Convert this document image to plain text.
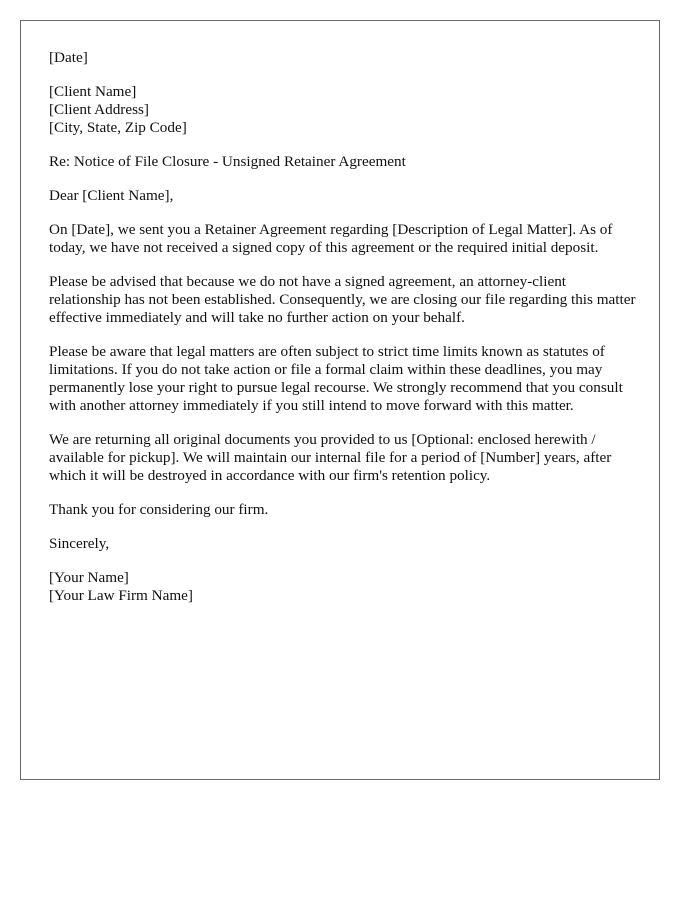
[Date]

[Client Name]
[Client Address]
[City, State, Zip Code]

Re: Notice of File Closure - Unsigned Retainer Agreement

Dear [Client Name],

On [Date], we sent you a Retainer Agreement regarding [Description of Legal Matter]. As of today, we have not received a signed copy of this agreement or the required initial deposit.

Please be advised that because we do not have a signed agreement, an attorney-client relationship has not been established. Consequently, we are closing our file regarding this matter effective immediately and will take no further action on your behalf.

Please be aware that legal matters are often subject to strict time limits known as statutes of limitations. If you do not take action or file a formal claim within these deadlines, you may permanently lose your right to pursue legal recourse. We strongly recommend that you consult with another attorney immediately if you still intend to move forward with this matter.

We are returning all original documents you provided to us [Optional: enclosed herewith / available for pickup]. We will maintain our internal file for a period of [Number] years, after which it will be destroyed in accordance with our firm's retention policy.

Thank you for considering our firm.

Sincerely,

[Your Name]
[Your Law Firm Name]
